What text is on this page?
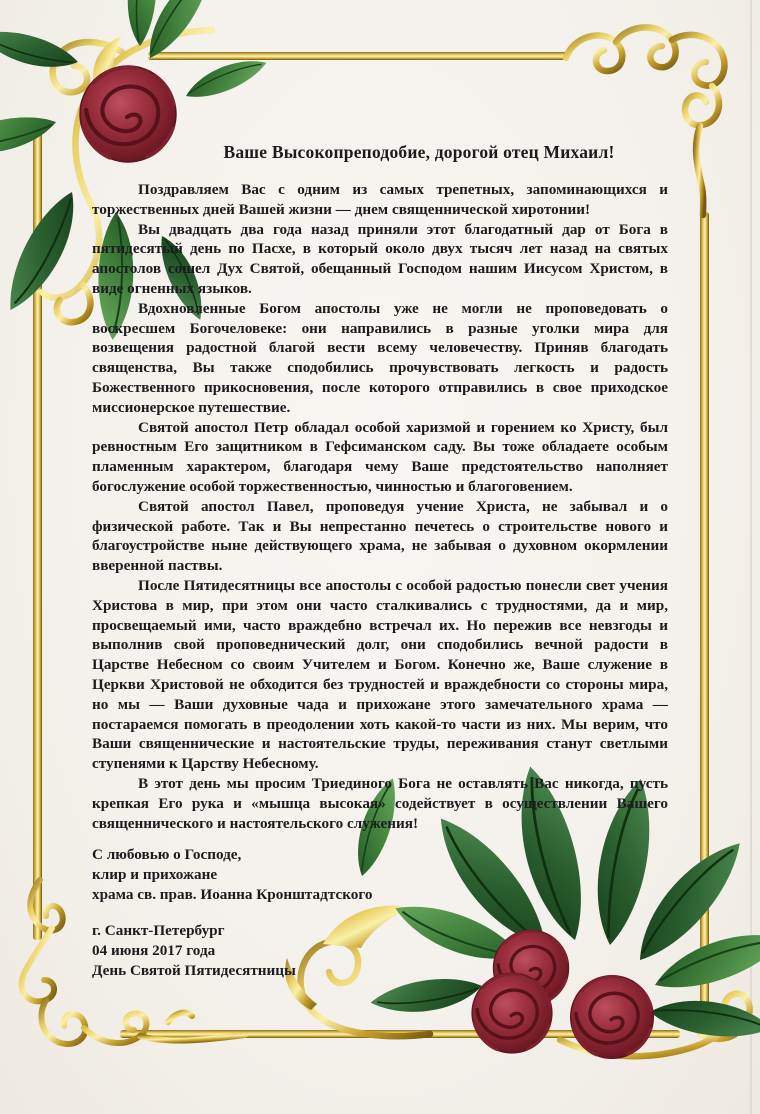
Ваше Высокопреподобие, дорогой отец Михаил!

Поздравляем Вас с одним из самых трепетных, запоминающихся и торжественных дней Вашей жизни — днем священнической хиротонии!

Вы двадцать два года назад приняли этот благодатный дар от Бога в пятидесятый день по Пасхе, в который около двух тысяч лет назад на святых апостолов сошел Дух Святой, обещанный Господом нашим Иисусом Христом, в виде огненных языков.

Вдохновленные Богом апостолы уже не могли не проповедовать о воскресшем Богочеловеке: они направились в разные уголки мира для возвещения радостной благой вести всему человечеству. Приняв благодать священства, Вы также сподобились прочувствовать легкость и радость Божественного прикосновения, после которого отправились в свое приходское миссионерское путешествие.

Святой апостол Петр обладал особой харизмой и горением ко Христу, был ревностным Его защитником в Гефсиманском саду. Вы тоже обладаете особым пламенным характером, благодаря чему Ваше предстоятельство наполняет богослужение особой торжественностью, чинностью и благоговением.

Святой апостол Павел, проповедуя учение Христа, не забывал и о физической работе. Так и Вы непрестанно печетесь о строительстве нового и благоустройстве ныне действующего храма, не забывая о духовном окормлении вверенной паствы.

После Пятидесятницы все апостолы с особой радостью понесли свет учения Христова в мир, при этом они часто сталкивались с трудностями, да и мир, просвещаемый ими, часто враждебно встречал их. Но пережив все невзгоды и выполнив свой проповеднический долг, они сподобились вечной радости в Царстве Небесном со своим Учителем и Богом. Конечно же, Ваше служение в Церкви Христовой не обходится без трудностей и враждебности со стороны мира, но мы — Ваши духовные чада и прихожане этого замечательного храма — постараемся помогать в преодолении хоть какой-то части из них. Мы верим, что Ваши священнические и настоятельские труды, переживания станут светлыми ступенями к Царству Небесному.

В этот день мы просим Триединого Бога не оставлять Вас никогда, пусть крепкая Его рука и «мышца высокая» содействует в осуществлении Вашего священнического и настоятельского служения!

С любовью о Господе,
клир и прихожане
храма св. прав. Иоанна Кронштадтского
г. Санкт-Петербург
04 июня 2017 года
День Святой Пятидесятницы
